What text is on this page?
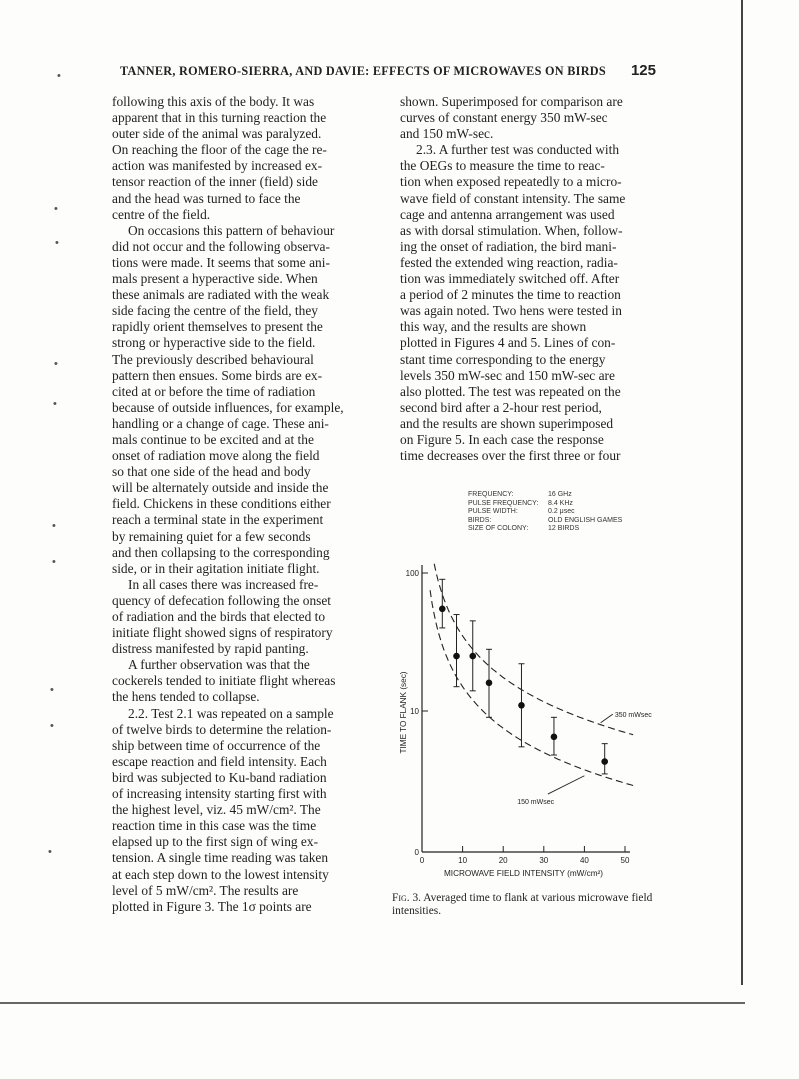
•
•
•
•
•
•
•
•
•
•
TANNER, ROMERO-SIERRA, AND DAVIE: EFFECTS OF MICROWAVES ON BIRDS 125
following this axis of the body. It was
apparent that in this turning reaction the
outer side of the animal was paralyzed.
On reaching the floor of the cage the re-
action was manifested by increased ex-
tensor reaction of the inner (field) side
and the head was turned to face the
centre of the field.
On occasions this pattern of behaviour
did not occur and the following observa-
tions were made. It seems that some ani-
mals present a hyperactive side. When
these animals are radiated with the weak
side facing the centre of the field, they
rapidly orient themselves to present the
strong or hyperactive side to the field.
The previously described behavioural
pattern then ensues. Some birds are ex-
cited at or before the time of radiation
because of outside influences, for example,
handling or a change of cage. These ani-
mals continue to be excited and at the
onset of radiation move along the field
so that one side of the head and body
will be alternately outside and inside the
field. Chickens in these conditions either
reach a terminal state in the experiment
by remaining quiet for a few seconds
and then collapsing to the corresponding
side, or in their agitation initiate flight.
In all cases there was increased fre-
quency of defecation following the onset
of radiation and the birds that elected to
initiate flight showed signs of respiratory
distress manifested by rapid panting.
A further observation was that the
cockerels tended to initiate flight whereas
the hens tended to collapse.
2.2. Test 2.1 was repeated on a sample
of twelve birds to determine the relation-
ship between time of occurrence of the
escape reaction and field intensity. Each
bird was subjected to Ku-band radiation
of increasing intensity starting first with
the highest level, viz. 45 mW/cm². The
reaction time in this case was the time
elapsed up to the first sign of wing ex-
tension. A single time reading was taken
at each step down to the lowest intensity
level of 5 mW/cm². The results are
plotted in Figure 3. The 1σ points are
shown. Superimposed for comparison are
curves of constant energy 350 mW-sec
and 150 mW-sec.
2.3. A further test was conducted with
the OEGs to measure the time to reac-
tion when exposed repeatedly to a micro-
wave field of constant intensity. The same
cage and antenna arrangement was used
as with dorsal stimulation. When, follow-
ing the onset of radiation, the bird mani-
fested the extended wing reaction, radia-
tion was immediately switched off. After
a period of 2 minutes the time to reaction
was again noted. Two hens were tested in
this way, and the results are shown
plotted in Figures 4 and 5. Lines of con-
stant time corresponding to the energy
levels 350 mW-sec and 150 mW-sec are
also plotted. The test was repeated on the
second bird after a 2-hour rest period,
and the results are shown superimposed
on Figure 5. In each case the response
time decreases over the first three or four
FREQUENCY:	16 GHz
PULSE FREQUENCY: 8.4 KHz
PULSE WIDTH:	0.2 μsec
BIRDS:	OLD ENGLISH GAMES
SIZE OF COLONY:	12 BIRDS
0	10	20	30	40	50
0
10
100
MICROWAVE FIELD INTENSITY (mW/cm²)
TIME TO FLANK (sec)	350 mWsec
150 mWsec
Fig. 3. Averaged time to flank at various microwave field intensities.
